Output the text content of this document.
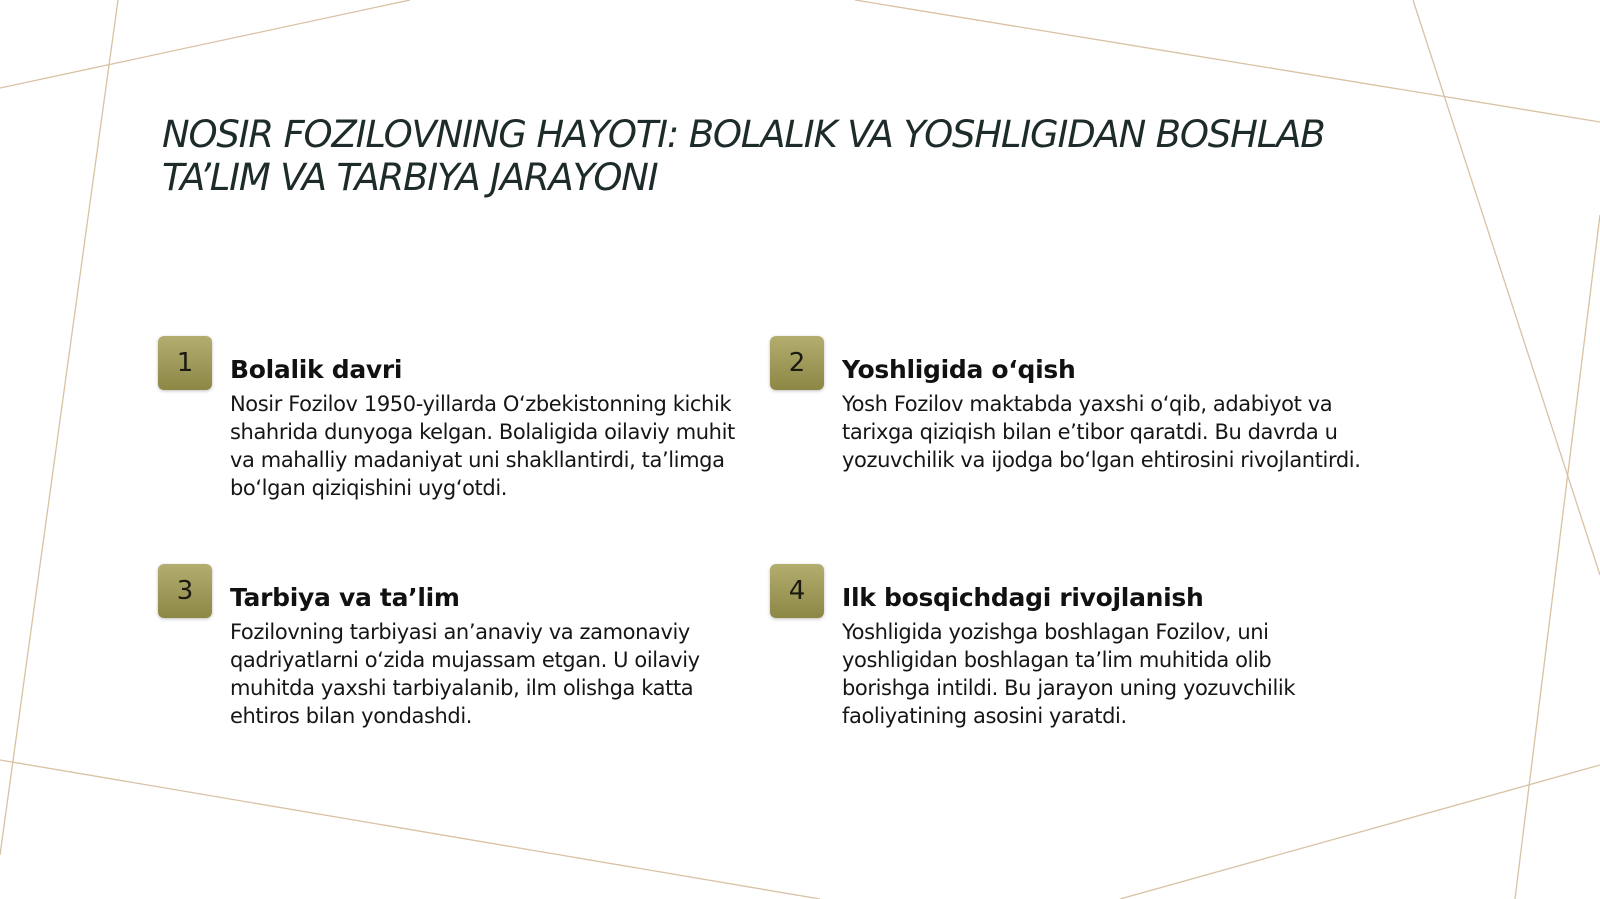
NOSIR FOZILOVNING HAYOTI: BOLALIK VA YOSHLIGIDAN BOSHLAB TA’LIM VA TARBIYA JARAYONI
1 Bolalik davri

Nosir Fozilov 1950-yillarda O‘zbekistonning kichik shahrida dunyoga kelgan. Bolaligida oilaviy muhit va mahalliy madaniyat uni shakllantirdi, ta’limga bo‘lgan qiziqishini uyg‘otdi.

2 Yoshligida o‘qish

Yosh Fozilov maktabda yaxshi o‘qib, adabiyot va tarixga qiziqish bilan e’tibor qaratdi. Bu davrda u yozuvchilik va ijodga bo‘lgan ehtirosini rivojlantirdi.

3 Tarbiya va ta’lim

Fozilovning tarbiyasi an’anaviy va zamonaviy qadriyatlarni o‘zida mujassam etgan. U oilaviy muhitda yaxshi tarbiyalanib, ilm olishga katta ehtiros bilan yondashdi.

4 Ilk bosqichdagi rivojlanish

Yoshligida yozishga boshlagan Fozilov, uni yoshligidan boshlagan ta’lim muhitida olib borishga intildi. Bu jarayon uning yozuvchilik faoliyatining asosini yaratdi.
